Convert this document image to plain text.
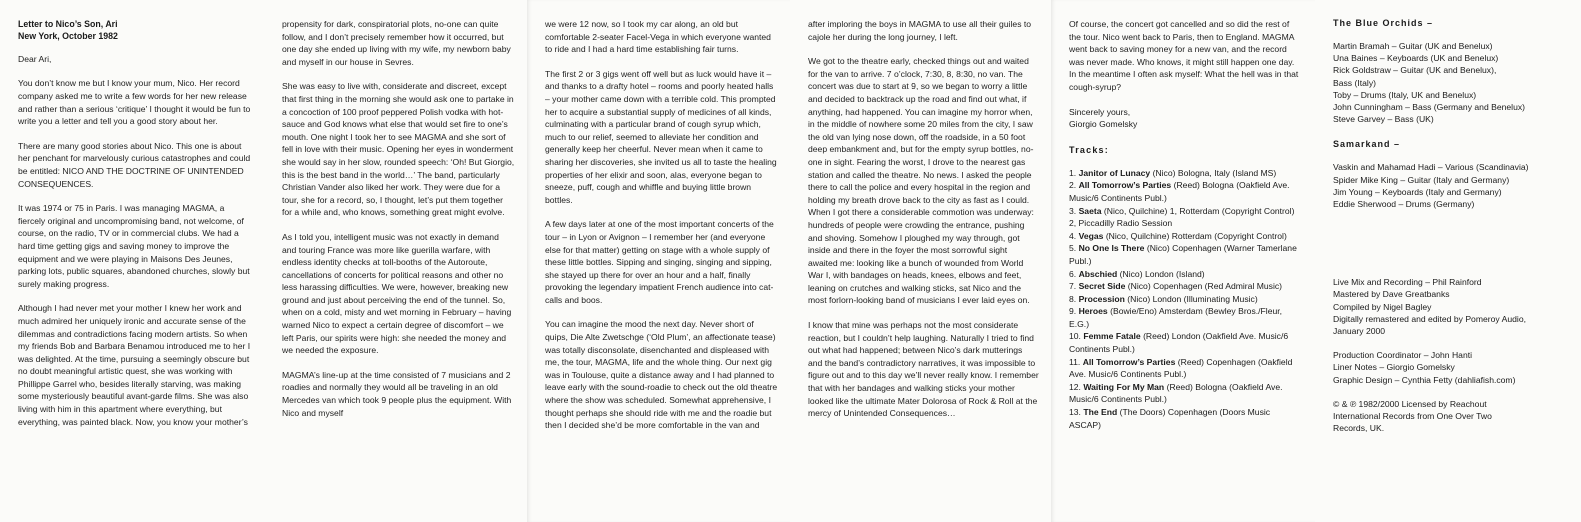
Letter to Nico’s Son, Ari
New York, October 1982

Dear Ari,

You don’t know me but I know your mum, Nico. Her record company asked me to write a few words for her new release and rather than a serious ‘critique’ I thought it would be fun to write you a letter and tell you a good story about her.

There are many good stories about Nico. This one is about her penchant for marvelously curious catastrophes and could be entitled: NICO AND THE DOCTRINE OF UNINTENDED CONSEQUENCES.

It was 1974 or 75 in Paris. I was managing MAGMA, a fiercely original and uncompromising band, not welcome, of course, on the radio, TV or in commercial clubs. We had a hard time getting gigs and saving money to improve the equipment and we were playing in Maisons Des Jeunes, parking lots, public squares, abandoned churches, slowly but surely making progress.

Although I had never met your mother I knew her work and much admired her uniquely ironic and accurate sense of the dilemmas and contradictions facing modern artists. So when my friends Bob and Barbara Benamou introduced me to her I was delighted. At the time, pursuing a seemingly obscure but no doubt meaningful artistic quest, she was working with Phillippe Garrel who, besides literally starving, was making some mysteriously beautiful avant-garde films. She was also living with him in this apartment where everything, but everything, was painted black. Now, you know your mother’s

propensity for dark, conspiratorial plots, no-one can quite follow, and I don’t precisely remember how it occurred, but one day she ended up living with my wife, my newborn baby and myself in our house in Sevres.

She was easy to live with, considerate and discreet, except that first thing in the morning she would ask one to partake in a concoction of 100 proof peppered Polish vodka with hot-sauce and God knows what else that would set fire to one’s mouth. One night I took her to see MAGMA and she sort of fell in love with their music. Opening her eyes in wonderment she would say in her slow, rounded speech: ‘Oh! But Giorgio, this is the best band in the world…’ The band, particularly Christian Vander also liked her work. They were due for a tour, she for a record, so, I thought, let’s put them together for a while and, who knows, something great might evolve.

As I told you, intelligent music was not exactly in demand and touring France was more like guerilla warfare, with endless identity checks at toll-booths of the Autoroute, cancellations of concerts for political reasons and other no less harassing difficulties. We were, however, breaking new ground and just about perceiving the end of the tunnel. So, when on a cold, misty and wet morning in February – having warned Nico to expect a certain degree of discomfort – we left Paris, our spirits were high: she needed the money and we needed the exposure.

MAGMA’s line-up at the time consisted of 7 musicians and 2 roadies and normally they would all be traveling in an old Mercedes van which took 9 people plus the equipment. With Nico and myself

we were 12 now, so I took my car along, an old but comfortable 2-seater Facel-Vega in which everyone wanted to ride and I had a hard time establishing fair turns.

The first 2 or 3 gigs went off well but as luck would have it – and thanks to a drafty hotel – rooms and poorly heated halls – your mother came down with a terrible cold. This prompted her to acquire a substantial supply of medicines of all kinds, culminating with a particular brand of cough syrup which, much to our relief, seemed to alleviate her condition and generally keep her cheerful. Never mean when it came to sharing her discoveries, she invited us all to taste the healing properties of her elixir and soon, alas, everyone began to sneeze, puff, cough and whiffle and buying little brown bottles.

A few days later at one of the most important concerts of the tour – in Lyon or Avignon – I remember her (and everyone else for that matter) getting on stage with a whole supply of these little bottles. Sipping and singing, singing and sipping, she stayed up there for over an hour and a half, finally provoking the legendary impatient French audience into cat-calls and boos.

You can imagine the mood the next day. Never short of quips, Die Alte Zwetschge (‘Old Plum’, an affectionate tease) was totally disconsolate, disenchanted and displeased with me, the tour, MAGMA, life and the whole thing. Our next gig was in Toulouse, quite a distance away and I had planned to leave early with the sound-roadie to check out the old theatre where the show was scheduled. Somewhat apprehensive, I thought perhaps she should ride with me and the roadie but then I decided she’d be more comfortable in the van and

after imploring the boys in MAGMA to use all their guiles to cajole her during the long journey, I left.

We got to the theatre early, checked things out and waited for the van to arrive. 7 o’clock, 7:30, 8, 8:30, no van. The concert was due to start at 9, so we began to worry a little and decided to backtrack up the road and find out what, if anything, had happened. You can imagine my horror when, in the middle of nowhere some 20 miles from the city, I saw the old van lying nose down, off the roadside, in a 50 foot deep embankment and, but for the empty syrup bottles, no-one in sight. Fearing the worst, I drove to the nearest gas station and called the theatre. No news. I asked the people there to call the police and every hospital in the region and holding my breath drove back to the city as fast as I could. When I got there a considerable commotion was underway: hundreds of people were crowding the entrance, pushing and shoving. Somehow I ploughed my way through, got inside and there in the foyer the most sorrowful sight awaited me: looking like a bunch of wounded from World War I, with bandages on heads, knees, elbows and feet, leaning on crutches and walking sticks, sat Nico and the most forlorn-looking band of musicians I ever laid eyes on.

I know that mine was perhaps not the most considerate reaction, but I couldn’t help laughing. Naturally I tried to find out what had happened; between Nico’s dark mutterings and the band’s contradictory narratives, it was impossible to figure out and to this day we’ll never really know. I remember that with her bandages and walking sticks your mother looked like the ultimate Mater Dolorosa of Rock & Roll at the mercy of Unintended Consequences…

Of course, the concert got cancelled and so did the rest of the tour. Nico went back to Paris, then to England. MAGMA went back to saving money for a new van, and the record was never made. Who knows, it might still happen one day. In the meantime I often ask myself: What the hell was in that cough-syrup?

Sincerely yours,
Giorgio Gomelsky
Tracks:
1. Janitor of Lunacy (Nico) Bologna, Italy (Island MS)
2. All Tomorrow’s Parties (Reed) Bologna (Oakfield Ave. Music/6 Continents Publ.)
3. Saeta (Nico, Quilchine) 1, Rotterdam (Copyright Control) 2, Piccadilly Radio Session
4. Vegas (Nico, Quilchine) Rotterdam (Copyright Control)
5. No One Is There (Nico) Copenhagen (Warner Tamerlane Publ.)
6. Abschied (Nico) London (Island)
7. Secret Side (Nico) Copenhagen (Red Admiral Music)
8. Procession (Nico) London (Illuminating Music)
9. Heroes (Bowie/Eno) Amsterdam (Bewley Bros./Fleur, E.G.)
10. Femme Fatale (Reed) London (Oakfield Ave. Music/6 Continents Publ.)
11. All Tomorrow’s Parties (Reed) Copenhagen (Oakfield Ave. Music/6 Continents Publ.)
12. Waiting For My Man (Reed) Bologna (Oakfield Ave. Music/6 Continents Publ.)
13. The End (The Doors) Copenhagen (Doors Music ASCAP)
The Blue Orchids –
Martin Bramah – Guitar (UK and Benelux)
Una Baines – Keyboards (UK and Benelux)
Rick Goldstraw – Guitar (UK and Benelux),
Bass (Italy)
Toby – Drums (Italy, UK and Benelux)
John Cunningham – Bass (Germany and Benelux)
Steve Garvey – Bass (UK)
Samarkand –
Vaskin and Mahamad Hadi – Various (Scandinavia)
Spider Mike King – Guitar (Italy and Germany)
Jim Young – Keyboards (Italy and Germany)
Eddie Sherwood – Drums (Germany)
Live Mix and Recording – Phil Rainford
Mastered by Dave Greatbanks
Compiled by Nigel Bagley
Digitally remastered and edited by Pomeroy Audio,
January 2000
Production Coordinator – John Hanti
Liner Notes – Giorgio Gomelsky
Graphic Design – Cynthia Fetty (dahliafish.com)
© & ℗ 1982/2000 Licensed by Reachout
International Records from One Over Two
Records, UK.
